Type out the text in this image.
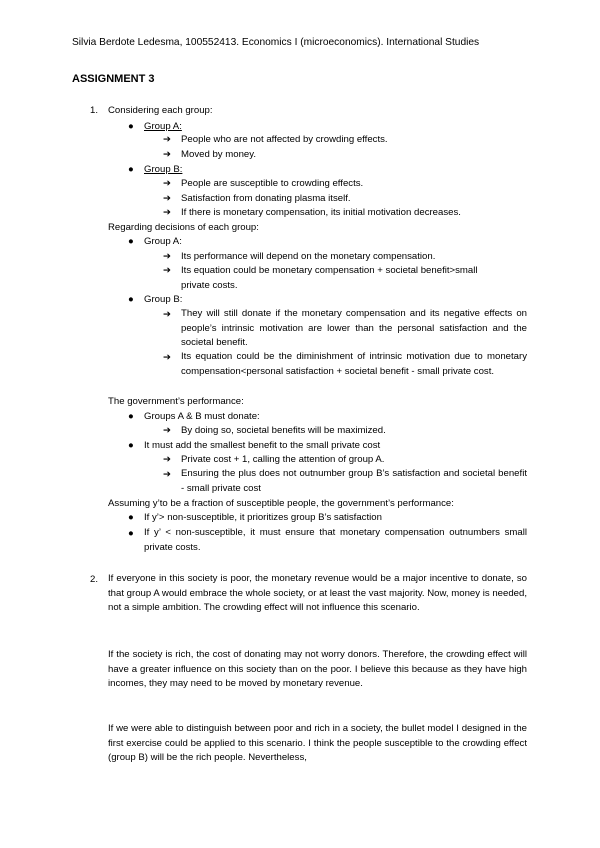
Silvia Berdote Ledesma, 100552413. Economics I (microeconomics). International Studies
ASSIGNMENT 3
1. Considering each group:
● Group A:
➔ People who are not affected by crowding effects.
➔ Moved by money.
● Group B:
➔ People are susceptible to crowding effects.
➔ Satisfaction from donating plasma itself.
➔ If there is monetary compensation, its initial motivation decreases.
Regarding decisions of each group:
● Group A:
➔ Its performance will depend on the monetary compensation.
➔ Its equation could be monetary compensation + societal benefit>small
private costs.
● Group B:
➔ They will still donate if the monetary compensation and its negative effects on people’s intrinsic motivation are lower than the personal satisfaction and the societal benefit.
➔ Its equation could be the diminishment of intrinsic motivation due to monetary compensation<personal satisfaction + societal benefit - small private cost.
The government’s performance:
● Groups A & B must donate:
➔ By doing so, societal benefits will be maximized.
● It must add the smallest benefit to the small private cost
➔ Private cost + 1, calling the attention of group A.
➔ Ensuring the plus does not outnumber group B’s satisfaction and societal benefit - small private cost
Assuming y’to be a fraction of susceptible people, the government’s performance:
● If y’> non-susceptible, it prioritizes group B’s satisfaction
● If y’ < non-susceptible, it must ensure that monetary compensation outnumbers small private costs.
2. If everyone in this society is poor, the monetary revenue would be a major incentive to donate, so that group A would embrace the whole society, or at least the vast majority. Now, money is needed, not a simple ambition. The crowding effect will not influence this scenario.
If the society is rich, the cost of donating may not worry donors. Therefore, the crowding effect will have a greater influence on this society than on the poor. I believe this because as they have high incomes, they may need to be moved by monetary revenue.
If we were able to distinguish between poor and rich in a society, the bullet model I designed in the first exercise could be applied to this scenario. I think the people susceptible to the crowding effect (group B) will be the rich people. Nevertheless,
